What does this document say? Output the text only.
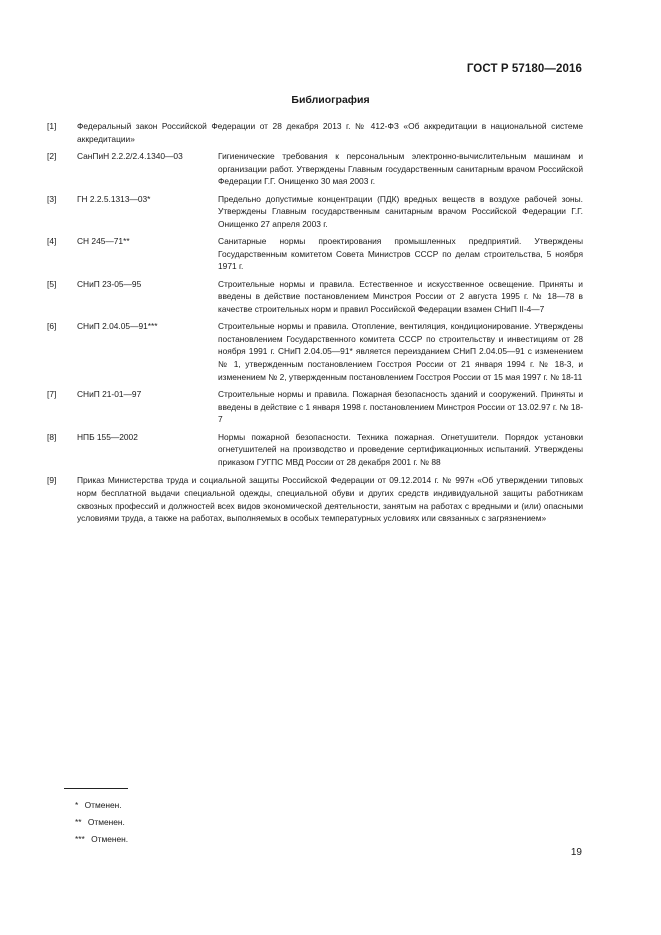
ГОСТ Р 57180—2016
Библиография
[1] Федеральный закон Российской Федерации от 28 декабря 2013 г. № 412-ФЗ «Об аккредитации в национальной системе аккредитации»
[2] СанПиН 2.2.2/2.4.1340—03	Гигиенические требования к персональным электронно-вычислительным машинам и организации работ. Утверждены Главным государственным санитарным врачом Российской Федерации Г.Г. Онищенко 30 мая 2003 г.
[3] ГН 2.2.5.1313—03*	Предельно допустимые концентрации (ПДК) вредных веществ в воздухе рабочей зоны. Утверждены Главным государственным санитарным врачом Российской Федерации Г.Г. Онищенко 27 апреля 2003 г.
[4] СН 245—71**	Санитарные нормы проектирования промышленных предприятий. Утверждены Государственным комитетом Совета Министров СССР по делам строительства, 5 ноября 1971 г.
[5] СНиП 23-05—95	Строительные нормы и правила. Естественное и искусственное освещение. Приняты и введены в действие постановлением Минстроя России от 2 августа 1995 г. № 18—78 в качестве строительных норм и правил Российской Федерации взамен СНиП II-4—7
[6] СНиП 2.04.05—91***	Строительные нормы и правила. Отопление, вентиляция, кондиционирование. Утверждены постановлением Государственного комитета СССР по строительству и инвестициям от 28 ноября 1991 г. СНиП 2.04.05—91* является переизданием СНиП 2.04.05—91 с изменением № 1, утвержденным постановлением Госстроя России от 21 января 1994 г. № 18-3, и изменением № 2, утвержденным постановлением Госстроя России от 15 мая 1997 г. № 18-11
[7] СНиП 21-01—97	Строительные нормы и правила. Пожарная безопасность зданий и сооружений. Приняты и введены в действие с 1 января 1998 г. постановлением Минстроя России от 13.02.97 г. № 18-7
[8] НПБ 155—2002	Нормы пожарной безопасности. Техника пожарная. Огнетушители. Порядок установки огнетушителей на производство и проведение сертификационных испытаний. Утверждены приказом ГУГПС МВД России от 28 декабря 2001 г. № 88
[9] Приказ Министерства труда и социальной защиты Российской Федерации от 09.12.2014 г. № 997н «Об утверждении типовых норм бесплатной выдачи специальной одежды, специальной обуви и других средств индивидуальной защиты работникам сквозных профессий и должностей всех видов экономической деятельности, занятым на работах с вредными и (или) опасными условиями труда, а также на работах, выполняемых в особых температурных условиях или связанных с загрязнением»
* Отменен.
** Отменен.
*** Отменен.
19
